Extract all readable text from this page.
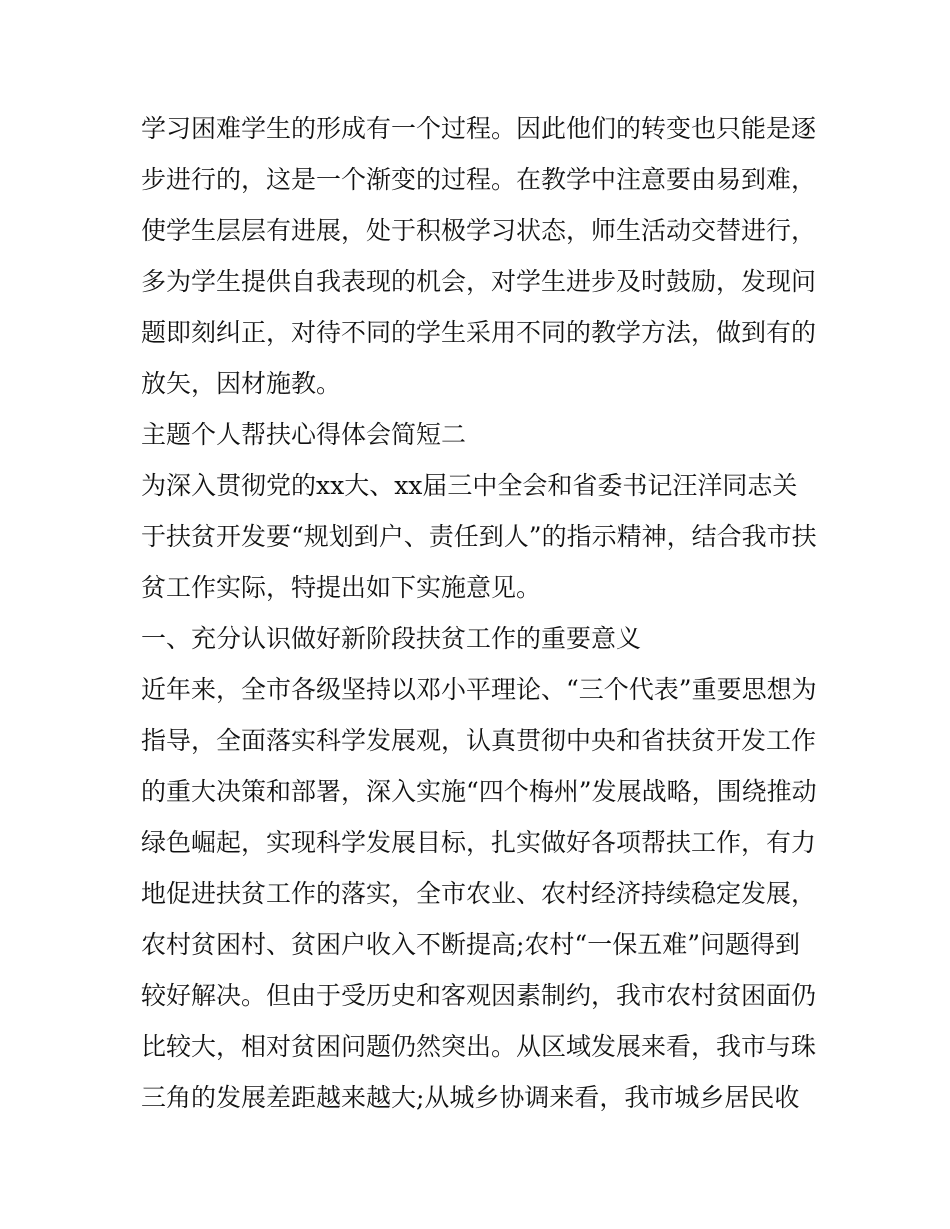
学习困难学生的形成有一个过程。因此他们的转变也只能是逐
步进行的，这是一个渐变的过程。在教学中注意要由易到难，
使学生层层有进展，处于积极学习状态，师生活动交替进行，
多为学生提供自我表现的机会，对学生进步及时鼓励，发现问
题即刻纠正，对待不同的学生采用不同的教学方法，做到有的
放矢，因材施教。
主题个人帮扶心得体会简短二
为深入贯彻党的xx大、xx届三中全会和省委书记汪洋同志关
于扶贫开发要“规划到户、责任到人”的指示精神，结合我市扶
贫工作实际，特提出如下实施意见。
一、充分认识做好新阶段扶贫工作的重要意义
近年来，全市各级坚持以邓小平理论、“三个代表”重要思想为
指导，全面落实科学发展观，认真贯彻中央和省扶贫开发工作
的重大决策和部署，深入实施“四个梅州”发展战略，围绕推动
绿色崛起，实现科学发展目标，扎实做好各项帮扶工作，有力
地促进扶贫工作的落实，全市农业、农村经济持续稳定发展，
农村贫困村、贫困户收入不断提高;农村“一保五难”问题得到
较好解决。但由于受历史和客观因素制约，我市农村贫困面仍
比较大，相对贫困问题仍然突出。从区域发展来看，我市与珠
三角的发展差距越来越大;从城乡协调来看，我市城乡居民收
